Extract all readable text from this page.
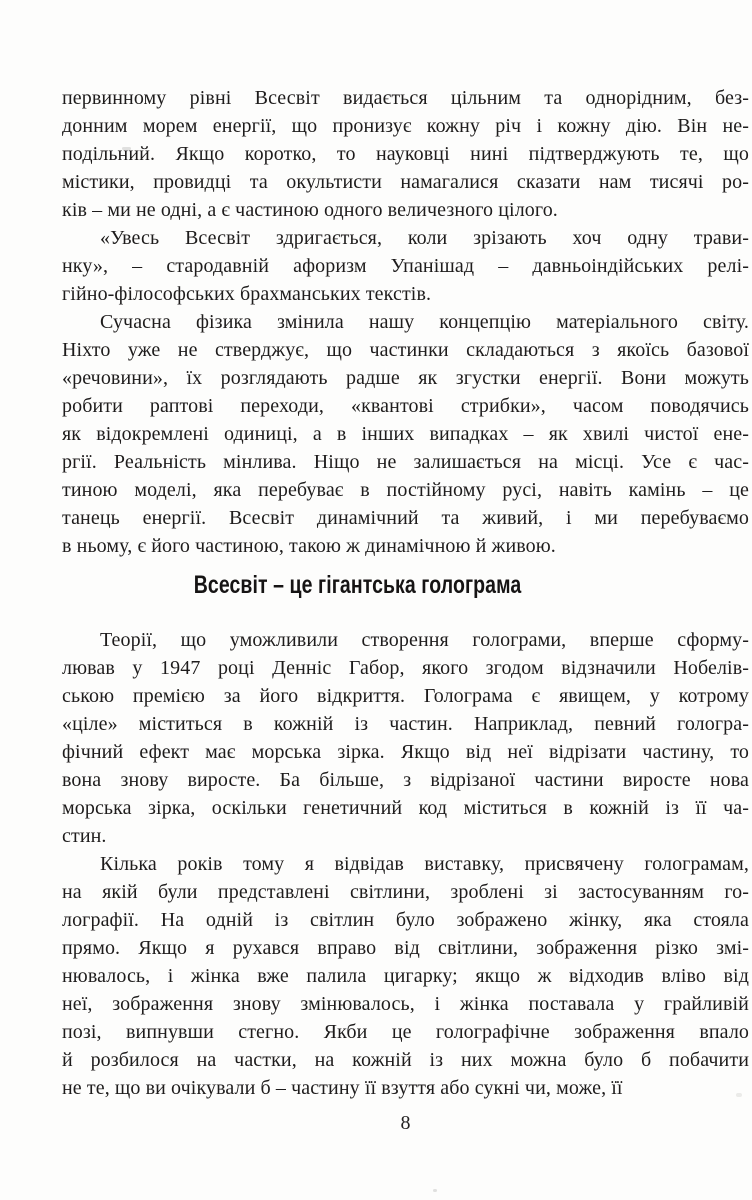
первинному рівні Всесвіт видається цільним та однорідним, без-
донним морем енергії, що пронизує кожну річ і кожну дію. Він не-
подільний. Якщо коротко, то науковці нині підтверджують те, що
містики, провидці та окультисти намагалися сказати нам тисячі ро-
ків – ми не одні, а є частиною одного величезного цілого.

«Увесь Всесвіт здригається, коли зрізають хоч одну трави-
нку», – стародавній афоризм Упанішад – давньоіндійських релі-
гійно-філософських брахманських текстів.

Сучасна фізика змінила нашу концепцію матеріального світу.
Ніхто уже не стверджує, що частинки складаються з якоїсь базової
«речовини», їх розглядають радше як згустки енергії. Вони можуть
робити раптові переходи, «квантові стрибки», часом поводячись
як відокремлені одиниці, а в інших випадках – як хвилі чистої ене-
ргії. Реальність мінлива. Ніщо не залишається на місці. Усе є час-
тиною моделі, яка перебуває в постійному русі, навіть камінь – це
танець енергії. Всесвіт динамічний та живий, і ми перебуваємо
в ньому, є його частиною, такою ж динамічною й живою.

Всесвіт – це гігантська голограма

Теорії, що уможливили створення голограми, вперше сформу-
лював у 1947 році Денніс Габор, якого згодом відзначили Нобелів-
ською премією за його відкриття. Голограма є явищем, у котрому
«ціле» міститься в кожній із частин. Наприклад, певний гологра-
фічний ефект має морська зірка. Якщо від неї відрізати частину, то
вона знову виросте. Ба більше, з відрізаної частини виросте нова
морська зірка, оскільки генетичний код міститься в кожній із її ча-
стин.

Кілька років тому я відвідав виставку, присвячену голограмам,
на якій були представлені світлини, зроблені зі застосуванням го-
лографії. На одній із світлин було зображено жінку, яка стояла
прямо. Якщо я рухався вправо від світлини, зображення різко змі-
нювалось, і жінка вже палила цигарку; якщо ж відходив вліво від
неї, зображення знову змінювалось, і жінка поставала у грайливій
позі, випнувши стегно. Якби це голографічне зображення впало
й розбилося на частки, на кожній із них можна було б побачити
не те, що ви очікували б – частину її взуття або сукні чи, може, її

8
